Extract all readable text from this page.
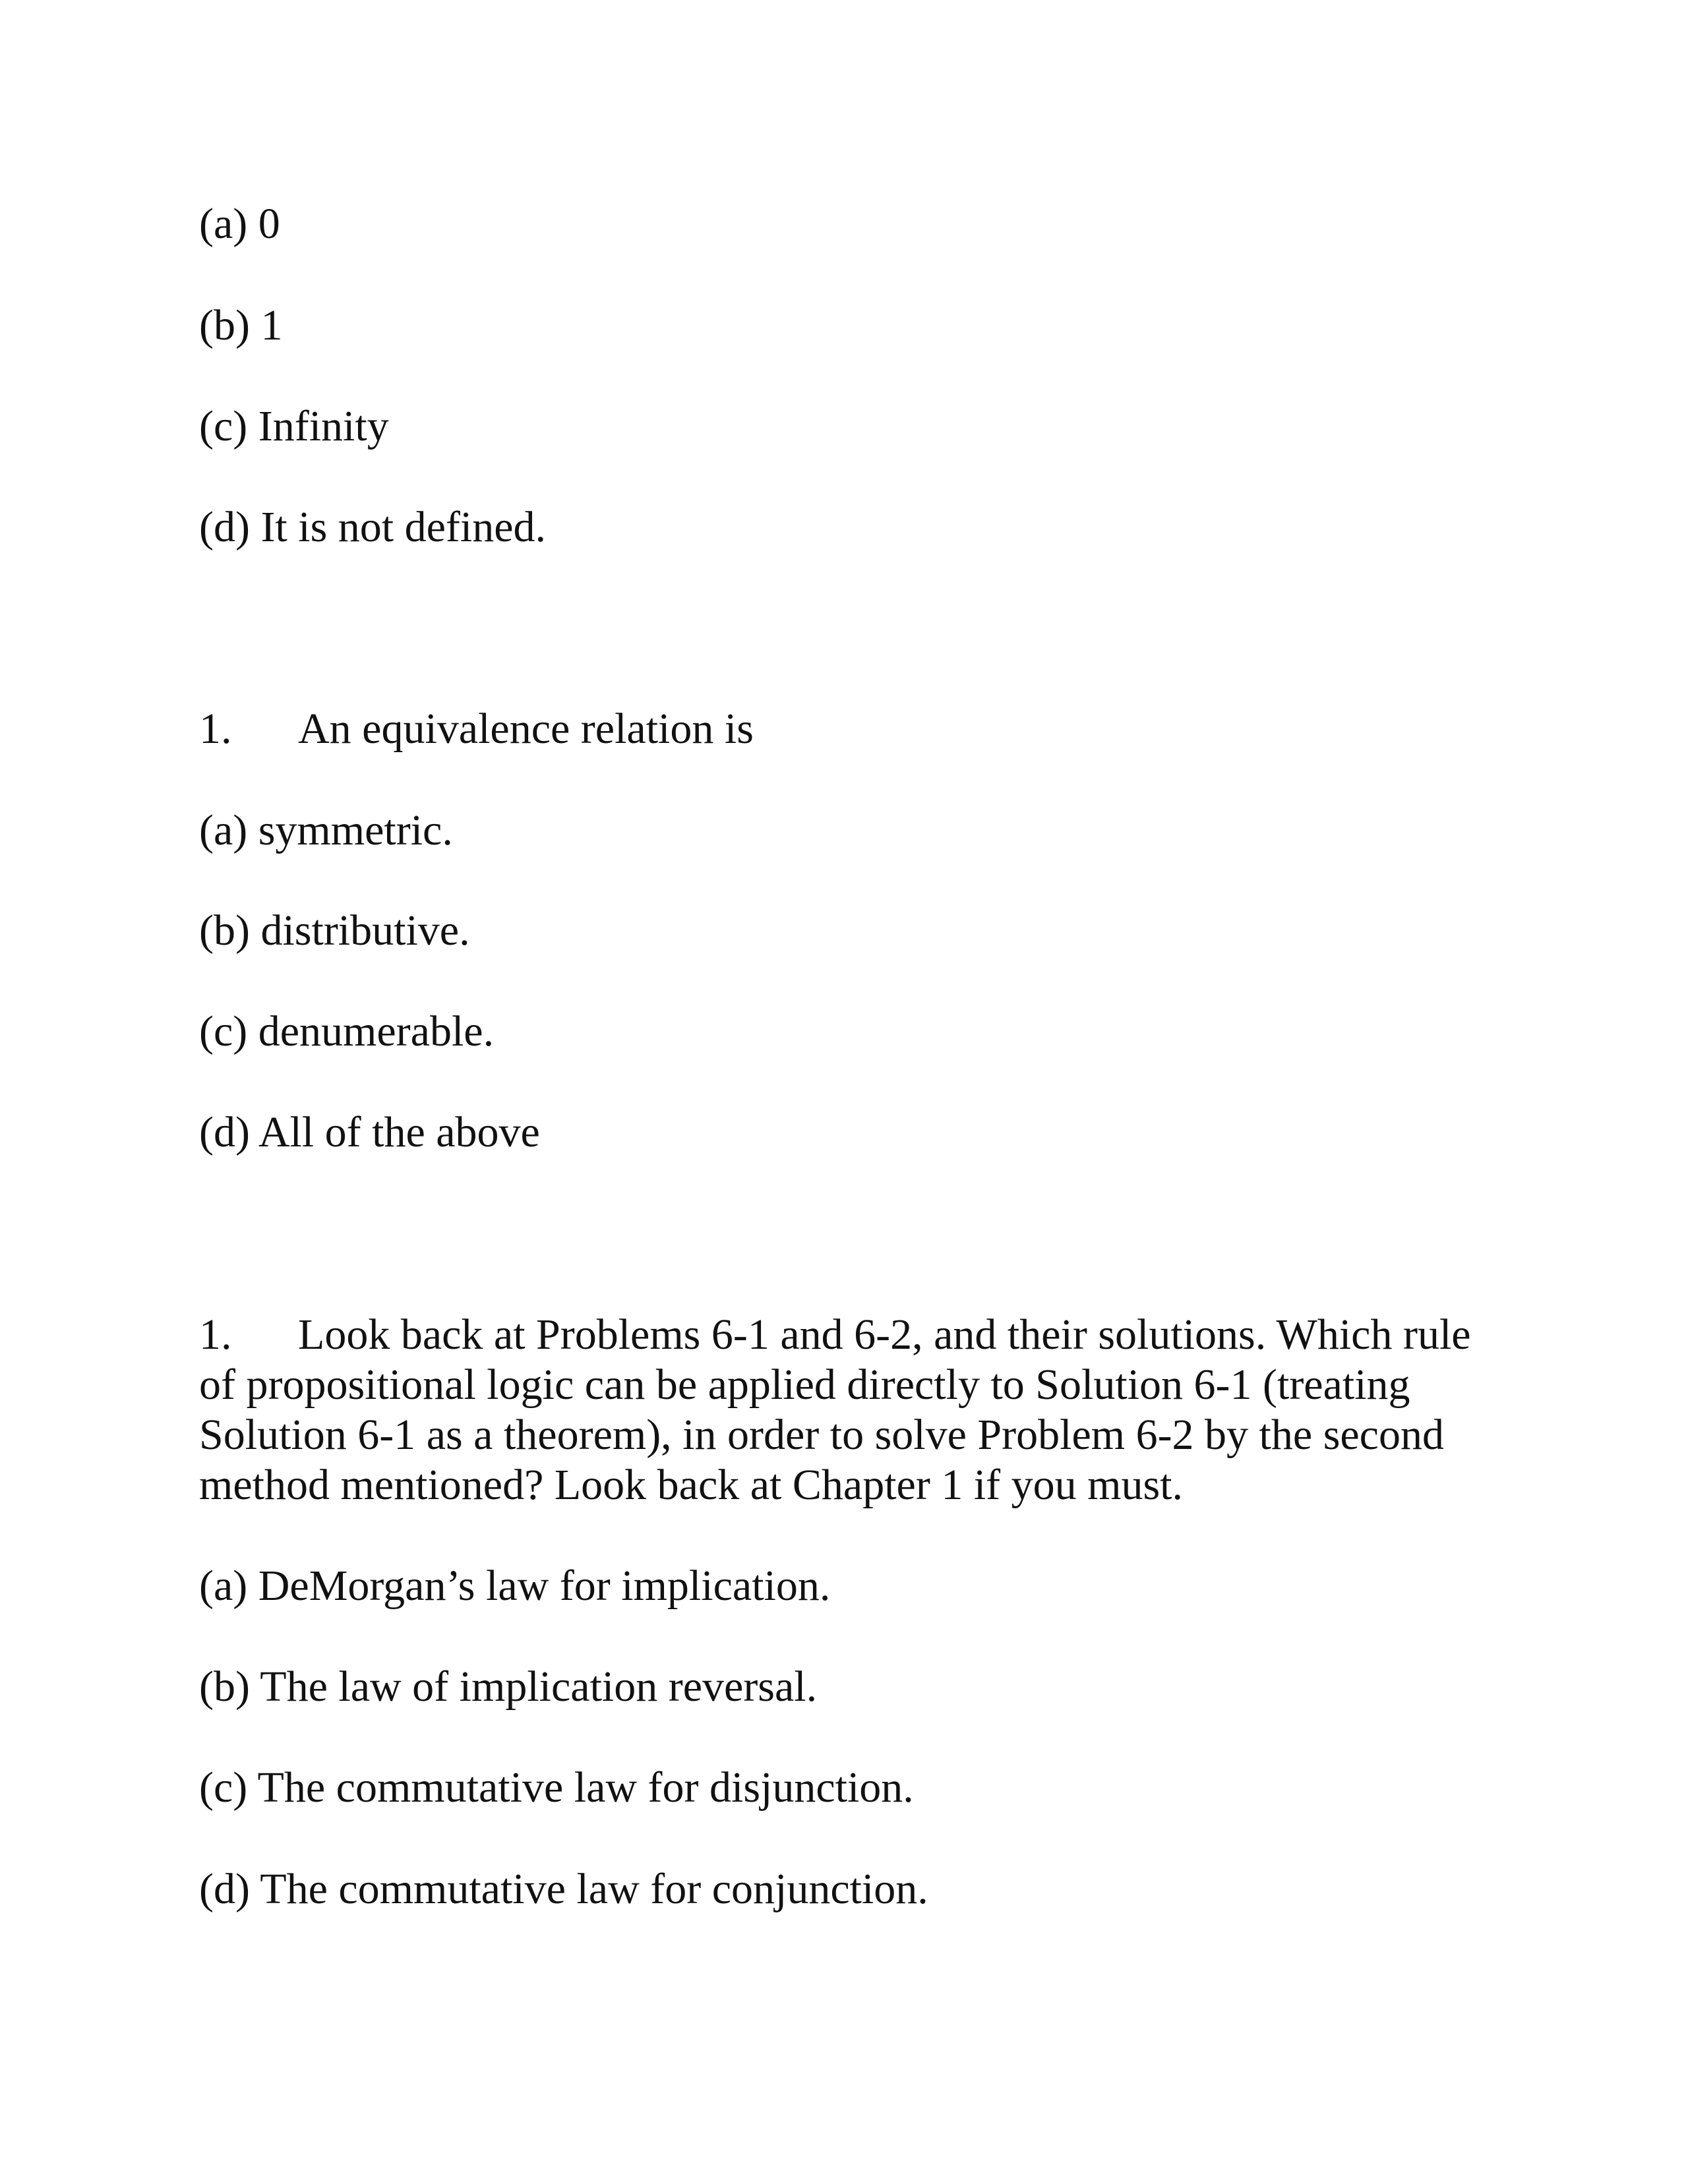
(a) 0
(b) 1
(c) Infinity
(d) It is not defined.
1. An equivalence relation is
(a) symmetric.
(b) distributive.
(c) denumerable.
(d) All of the above
1. Look back at Problems 6-1 and 6-2, and their solutions. Which rule
of propositional logic can be applied directly to Solution 6-1 (treating
Solution 6-1 as a theorem), in order to solve Problem 6-2 by the second
method mentioned? Look back at Chapter 1 if you must.
(a) DeMorgan’s law for implication.
(b) The law of implication reversal.
(c) The commutative law for disjunction.
(d) The commutative law for conjunction.
